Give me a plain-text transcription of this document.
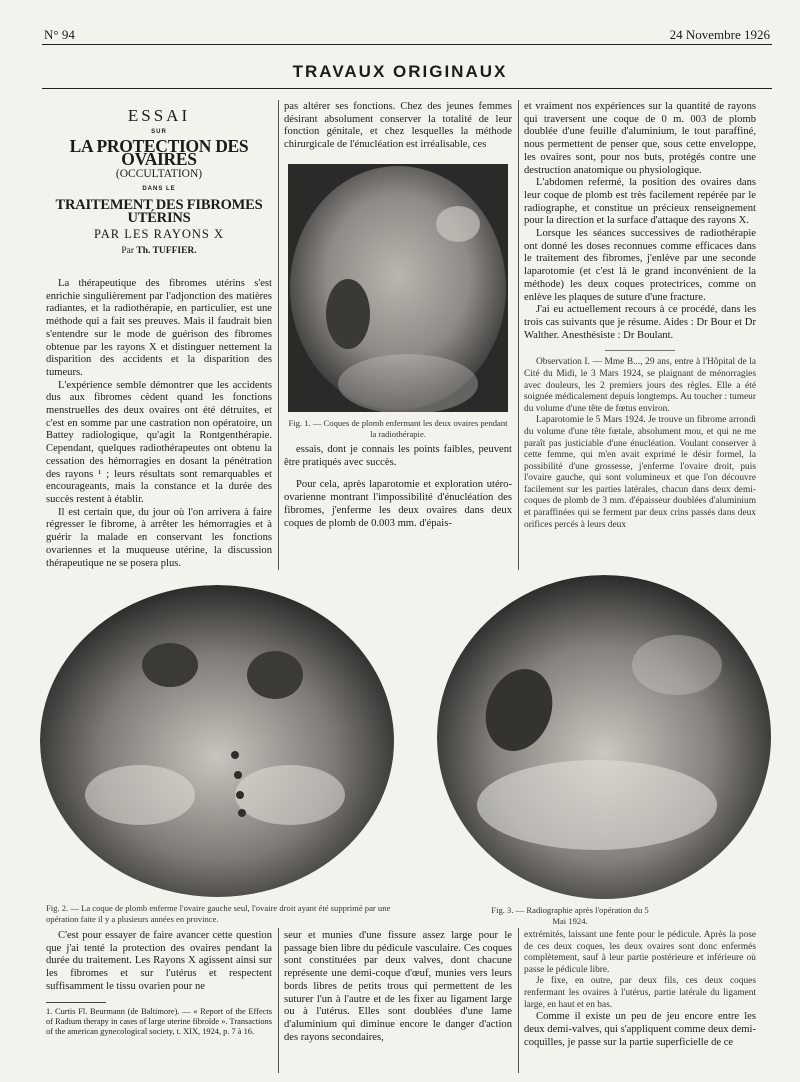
N° 94	24 Novembre 1926
TRAVAUX ORIGINAUX
ESSAI
SUR
LA PROTECTION DES OVAIRES
(OCCULTATION)
DANS LE
TRAITEMENT DES FIBROMES UTÉRINS
PAR LES RAYONS X
Par Th. TUFFIER.

La thérapeutique des fibromes utérins s'est enrichie singulièrement par l'adjonction des matières radiantes, et la radiothérapie, en particulier, est une méthode qui a fait ses preuves. Mais il faudrait bien s'entendre sur le mode de guérison des fibromes obtenue par les rayons X et distinguer nettement la disparition des accidents et la disparition des tumeurs.

L'expérience semble démontrer que les accidents dus aux fibromes cèdent quand les fonctions menstruelles des deux ovaires ont été détruites, et c'est en somme par une castration non opératoire, un Battey radiologique, qu'agit la Rontgenthérapie. Cependant, quelques radiothérapeutes ont obtenu la cessation des hémorragies en dosant la pénétration des rayons ¹ ; leurs résultats sont remarquables et encourageants, mais la constance et la durée des succès restent à établir.

Il est certain que, du jour où l'on arrivera à faire régresser le fibrome, à arrêter les hémorragies et à guérir la malade en conservant les fonctions ovariennes et la muqueuse utérine, la discussion thérapeutique ne se posera plus.

pas altérer ses fonctions. Chez des jeunes femmes désirant absolument conserver la totalité de leur fonction génitale, et chez lesquelles la méthode chirurgicale de l'énucléation est irréalisable, ces

Fig. 1. — Coques de plomb enfermant les deux ovaires pendant la radiothérapie.

essais, dont je connais les points faibles, peuvent être pratiqués avec succès.

Pour cela, après laparotomie et exploration utéro-ovarienne montrant l'impossibilité d'énucléation des fibromes, j'enferme les deux ovaires dans deux coques de plomb de 0.003 mm. d'épais-

et vraiment nos expériences sur la quantité de rayons qui traversent une coque de 0 m. 003 de plomb doublée d'une feuille d'aluminium, le tout paraffiné, nous permettent de penser que, sous cette enveloppe, les ovaires sont, pour nos buts, protégés contre une destruction anatomique ou physiologique.

L'abdomen refermé, la position des ovaires dans leur coque de plomb est très facilement repérée par le radiographe, et constitue un précieux renseignement pour la direction et la surface d'attaque des rayons X.

Lorsque les séances successives de radiothérapie ont donné les doses reconnues comme efficaces dans le traitement des fibromes, j'enlève par une seconde laparotomie (et c'est là le grand inconvénient de la méthode) les deux coques protectrices, comme on enlève les plaques de suture d'une fracture.

J'ai eu actuellement recours à ce procédé, dans les trois cas suivants que je résume. Aides : Dr Bour et Dr Walther. Anesthésiste : Dr Boulant.

Observation I. — Mme B..., 29 ans, entre à l'Hôpital de la Cité du Midi, le 3 Mars 1924, se plaignant de ménorragies avec douleurs, les 2 premiers jours des règles. Elle a été soignée médicalement depuis longtemps. Au toucher : tumeur du volume d'une tête de fœtus environ.

Laparotomie le 5 Mars 1924. Je trouve un fibrome arrondi du volume d'une tête fœtale, absolument mou, et qui ne me paraît pas justiciable d'une énucléation. Voulant conserver à cette femme, qui m'en avait exprimé le désir formel, la possibilité d'une grossesse, j'enferme l'ovaire droit, puis l'ovaire gauche, qui sont volumineux et que l'on découvre facilement sur les parties latérales, chacun dans deux demi-coques de plomb de 3 mm. d'épaisseur doublées d'aluminium et paraffinées qui se ferment par deux crins passés dans deux orifices percés à leurs deux

Fig. 2. — La coque de plomb enferme l'ovaire gauche seul, l'ovaire droit ayant été supprimé par une opération faite il y a plusieurs années en province.
Fig. 3. — Radiographie après l'opération du 5 Mai 1924.

C'est pour essayer de faire avancer cette question que j'ai tenté la protection des ovaires pendant la durée du traitement. Les Rayons X agissent ainsi sur les fibromes et sur l'utérus et respectent suffisamment le tissu ovarien pour ne

1. Curtis Fl. Beurmann (de Baltimore). — « Report of the Effects of Radium therapy in cases of large uterine fibroïde ». Transactions of the american gynecological society, t. XIX, 1924, p. 7 à 16.

seur et munies d'une fissure assez large pour le passage bien libre du pédicule vasculaire. Ces coques sont constituées par deux valves, dont chacune représente une demi-coque d'œuf, munies vers leurs bords libres de petits trous qui permettent de les suturer l'un à l'autre et de les fixer au ligament large ou à l'utérus. Elles sont doublées d'une lame d'aluminium qui diminue encore le danger d'action des rayons secondaires,

extrémités, laissant une fente pour le pédicule. Après la pose de ces deux coques, les deux ovaires sont donc enfermés complètement, sauf à leur partie postérieure et inférieure où passe le pédicule libre.

Je fixe, en outre, par deux fils, ces deux coques renfermant les ovaires à l'utérus, partie latérale du ligament large, en haut et en bas.

Comme il existe un peu de jeu encore entre les deux demi-valves, qui s'appliquent comme deux demi-coquilles, je passe sur la partie superficielle de ce
